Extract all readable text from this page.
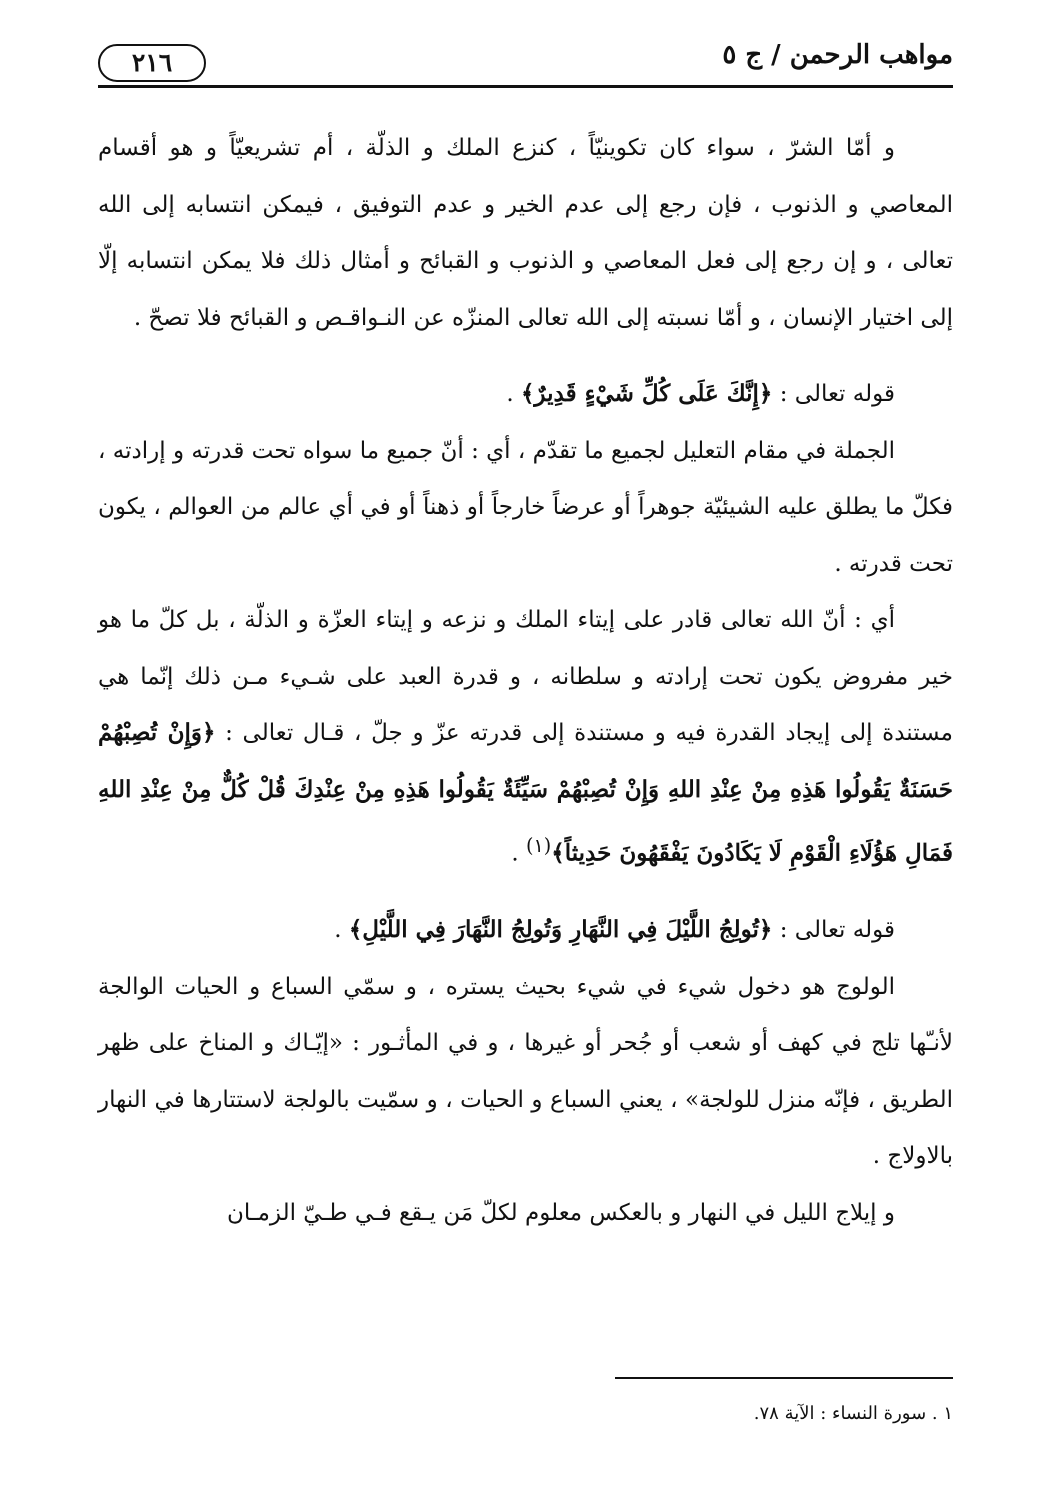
مواهب الرحمن / ج ٥
٢١٦

و أمّا الشرّ ، سواء كان تكوينيّاً ، كنزع الملك و الذلّة ، أم تشريعيّاً و هو أقسام المعاصي و الذنوب ، فإن رجع إلى عدم الخير و عدم التوفيق ، فيمكن انتسابه إلى الله تعالى ، و إن رجع إلى فعل المعاصي و الذنوب و القبائح و أمثال ذلك فلا يمكن انتسابه إلّا إلى اختيار الإنسان ، و أمّا نسبته إلى الله تعالى المنزّه عن النـواقـص و القبائح فلا تصحّ .

قوله تعالى : ﴿إِنَّكَ عَلَى كُلِّ شَيْءٍ قَدِيرٌ﴾ .

الجملة في مقام التعليل لجميع ما تقدّم ، أي : أنّ جميع ما سواه تحت قدرته و إرادته ، فكلّ ما يطلق عليه الشيئيّة جوهراً أو عرضاً خارجاً أو ذهناً أو في أي عالم من العوالم ، يكون تحت قدرته .

أي : أنّ الله تعالى قادر على إيتاء الملك و نزعه و إيتاء العزّة و الذلّة ، بل كلّ ما هو خير مفروض يكون تحت إرادته و سلطانه ، و قدرة العبد على شـيء مـن ذلك إنّما هي مستندة إلى إيجاد القدرة فيه و مستندة إلى قدرته عزّ و جلّ ، قـال تعالى : ﴿وَإِنْ تُصِبْهُمْ حَسَنَةٌ يَقُولُوا هَذِهِ مِنْ عِنْدِ اللهِ وَإِنْ تُصِبْهُمْ سَيِّئَةٌ يَقُولُوا هَذِهِ مِنْ عِنْدِكَ قُلْ كُلٌّ مِنْ عِنْدِ اللهِ فَمَالِ هَؤُلَاءِ الْقَوْمِ لَا يَكَادُونَ يَفْقَهُونَ حَدِيثاً﴾$^{(١)}$ .

قوله تعالى : ﴿تُولِجُ اللَّيْلَ فِي النَّهَارِ وَتُولِجُ النَّهَارَ فِي اللَّيْلِ﴾ .

الولوج هو دخول شيء في شيء بحيث يستره ، و سمّي السباع و الحيات الوالجة لأنـّها تلج في كهف أو شعب أو جُحر أو غيرها ، و في المأثـور : «إيّـاك و المناخ على ظهر الطريق ، فإنّه منزل للولجة» ، يعني السباع و الحيات ، و سمّيت بالولجة لاستتارها في النهار بالاولاج .

و إيلاج الليل في النهار و بالعكس معلوم لكلّ مَن يـقع فـي طـيّ الزمـان

١ . سورة النساء : الآية ٧٨.
